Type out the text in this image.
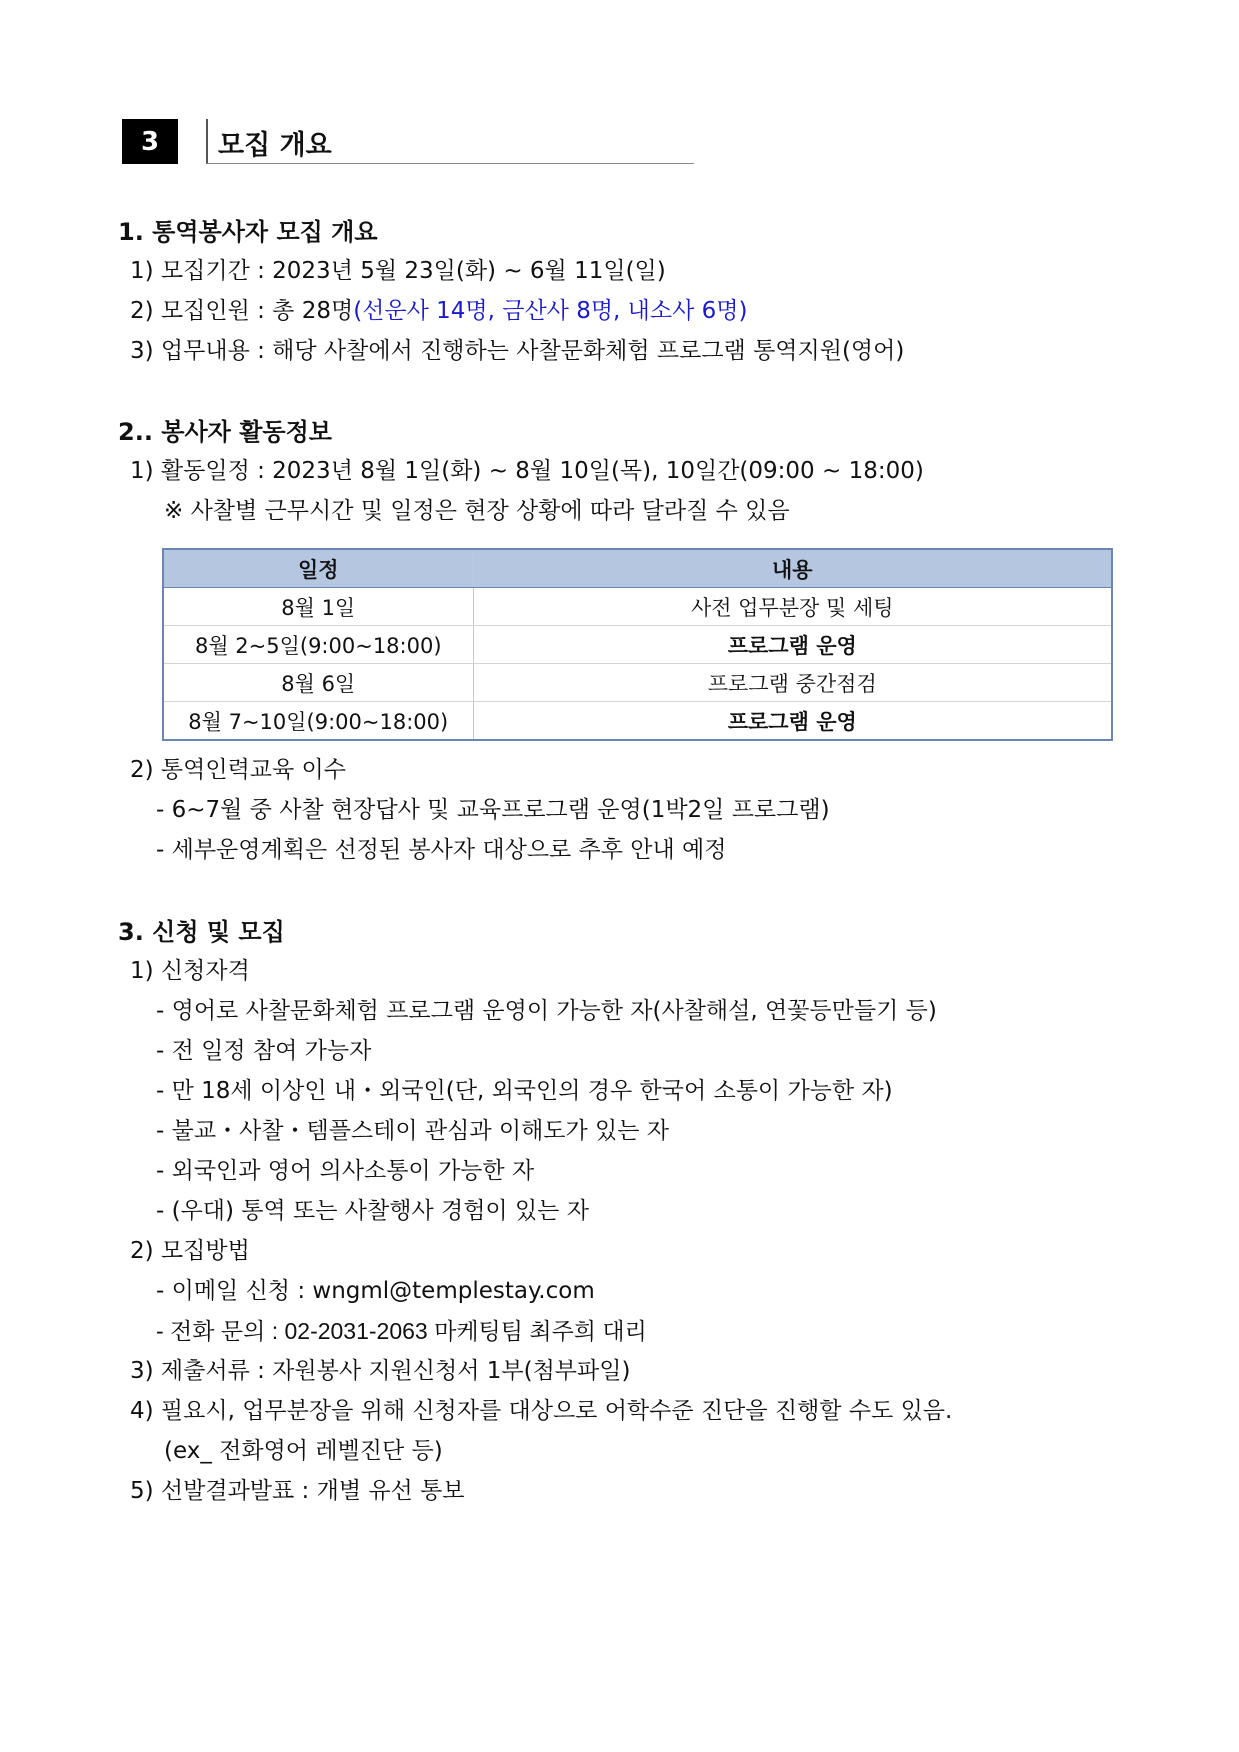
3	모집 개요
1. 통역봉사자 모집 개요
1) 모집기간 : 2023년 5월 23일(화) ~ 6월 11일(일)
2) 모집인원 : 총 28명(선운사 14명, 금산사 8명, 내소사 6명)
3) 업무내용 : 해당 사찰에서 진행하는 사찰문화체험 프로그램 통역지원(영어)
2.. 봉사자 활동정보
1) 활동일정 : 2023년 8월 1일(화) ~ 8월 10일(목), 10일간(09:00 ~ 18:00)
※ 사찰별 근무시간 및 일정은 현장 상황에 따라 달라질 수 있음
일정	내용
8월 1일	사전 업무분장 및 세팅
8월 2~5일(9:00~18:00)	프로그램 운영
8월 6일	프로그램 중간점검
8월 7~10일(9:00~18:00)	프로그램 운영
2) 통역인력교육 이수
- 6~7월 중 사찰 현장답사 및 교육프로그램 운영(1박2일 프로그램)
- 세부운영계획은 선정된 봉사자 대상으로 추후 안내 예정
3. 신청 및 모집
1) 신청자격
- 영어로 사찰문화체험 프로그램 운영이 가능한 자(사찰해설, 연꽃등만들기 등)
- 전 일정 참여 가능자
- 만 18세 이상인 내・외국인(단, 외국인의 경우 한국어 소통이 가능한 자)
- 불교・사찰・템플스테이 관심과 이해도가 있는 자
- 외국인과 영어 의사소통이 가능한 자
- (우대) 통역 또는 사찰행사 경험이 있는 자
2) 모집방법
- 이메일 신청 : wngml@templestay.com
- 전화 문의 : 02-2031-2063 마케팅팀 최주희 대리
3) 제출서류 : 자원봉사 지원신청서 1부(첨부파일)
4) 필요시, 업무분장을 위해 신청자를 대상으로 어학수준 진단을 진행할 수도 있음.
(ex_ 전화영어 레벨진단 등)
5) 선발결과발표 : 개별 유선 통보
